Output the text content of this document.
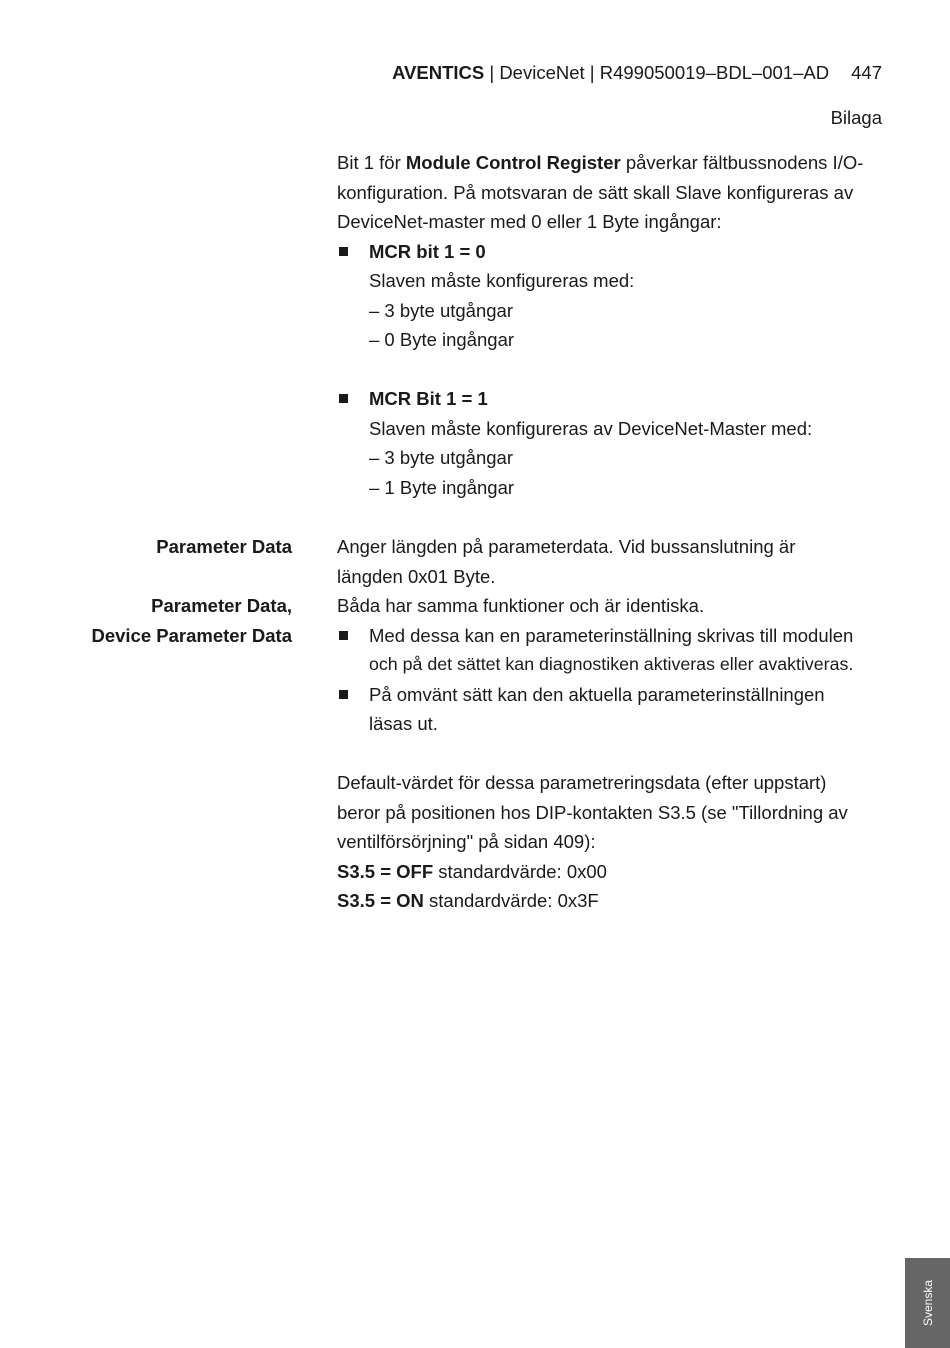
AVENTICS | DeviceNet | R499050019–BDL–001–AD 447
Bilaga
Bit 1 för Module Control Register påverkar fältbussnodens I/O-
konfiguration. På motsvaran de sätt skall Slave konfigureras av
DeviceNet-master med 0 eller 1 Byte ingångar:
MCR bit 1 = 0
Slaven måste konfigureras med:
– 3 byte utgångar
– 0 Byte ingångar
MCR Bit 1 = 1
Slaven måste konfigureras av DeviceNet-Master med:
– 3 byte utgångar
– 1 Byte ingångar
Parameter Data
Parameter Data,
Device Parameter Data
Anger längden på parameterdata. Vid bussanslutning är
längden 0x01 Byte.
Båda har samma funktioner och är identiska.
Med dessa kan en parameterinställning skrivas till modulen
och på det sättet kan diagnostiken aktiveras eller avaktiveras.
På omvänt sätt kan den aktuella parameterinställningen
läsas ut.
Default-värdet för dessa parametreringsdata (efter uppstart)
beror på positionen hos DIP-kontakten S3.5 (se "Tillordning av
ventilförsörjning" på sidan 409):
S3.5 = OFF standardvärde: 0x00
S3.5 = ON standardvärde: 0x3F
Svenska
